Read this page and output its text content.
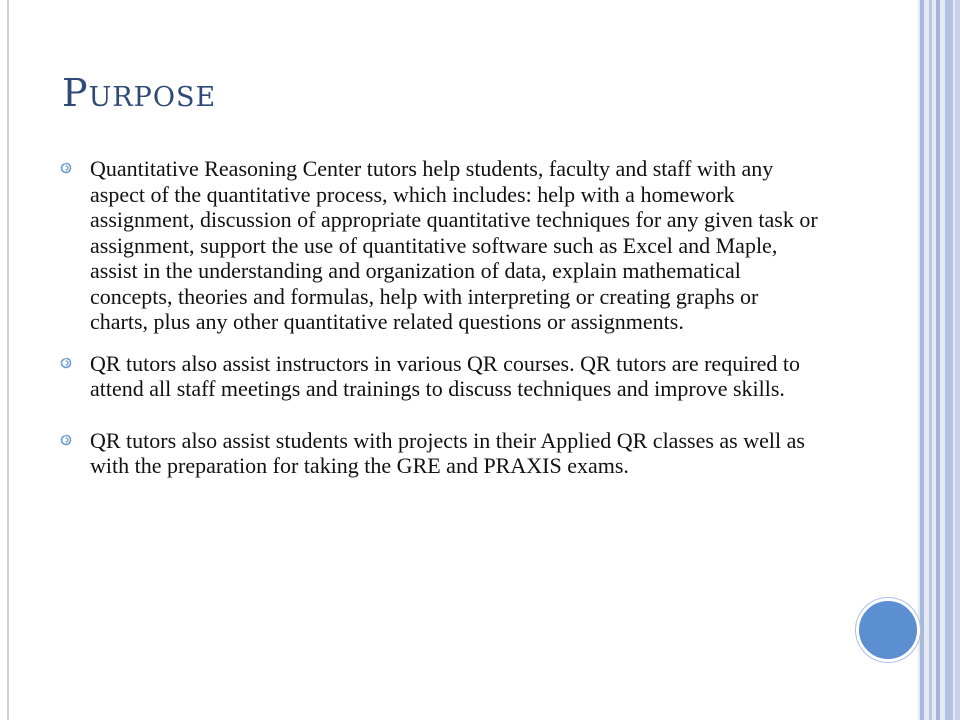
Purpose
Quantitative Reasoning Center tutors help students, faculty and staff with any aspect of the quantitative process, which includes: help with a homework assignment, discussion of appropriate quantitative techniques for any given task or assignment, support the use of quantitative software such as Excel and Maple, assist in the understanding and organization of data, explain mathematical concepts, theories and formulas, help with interpreting or creating graphs or charts, plus any other quantitative related questions or assignments.
QR tutors also assist instructors in various QR courses. QR tutors are required to attend all staff meetings and trainings to discuss techniques and improve skills.
QR tutors also assist students with projects in their Applied QR classes as well as with the preparation for taking the GRE and PRAXIS exams.
